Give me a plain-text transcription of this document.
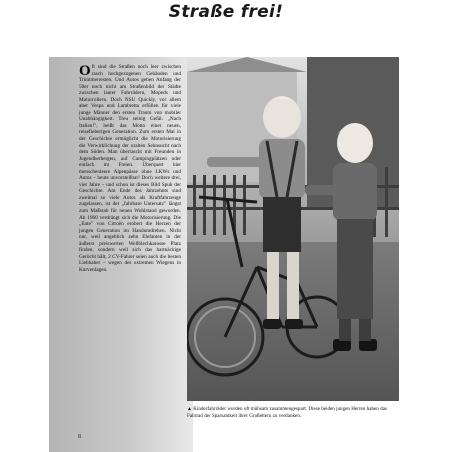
Straße frei!

Oft sind die Straßen noch leer zwischen rasch hochgezogenen Gebäuden und Trümmerresten. Und Autos geben Anfang der 50er noch nicht am Straßenbild der Städte zwischen lauter Fahrrädern, Mopeds und Motorrollern. Doch NSU Quickly, vor allem aber Vespa und Lambretta erfüllen für viele junge Männer den ersten Traum von mobiler Unabhängigkeit. Treu seinig Gefäl. „Nach Italien!", heißt das Motto einer neuen, reisefieberigen Generation. Zum ersten Mal in der Geschichte ermöglicht die Motorisierung die Verwirklichung der uralten Sehnsucht nach dem Süden. Man überrascht mit Freunden in Jugendherbergen, auf Campingplätzen oder einfach im Freien. Überquert hier menschenleere Alpenpässe ohne LKWs und Autos – heute unvorstellbar! Doch weitere drei, vier Jahre – und schon ist dieses Bild Spuk der Geschichte. Am Ende des Jahrzehnts sind zweimal so viele Autos als Kraftfahrzeuge zugelassen, ist der „fahrbare Untersatz" längst zum Maßstab für neuen Wohlstand geworden. Ab 1960 verdrängt sich die Motorisierung. Die „Ente" von Citroën erobert die Herzen der jungen Generation im Handumdrehen. Nicht nur, weil angeblich zehn Elefanten in der äußerst preiswerten Wellblechkarosse Platz finden, sondern weil sich das hartnäckige Gerücht hält, 2 CV-Fahrer seien auch die besten Liebhaber – wegen des extremen Wiegens in Kurvenlagen.

8
▲ Kinderfahrräder wurden oft mühsam zusammengespart. Diese beiden jungen Herren haben das Fahrrad der Sparsamkeit ihrer Großeltern zu verdanken.
